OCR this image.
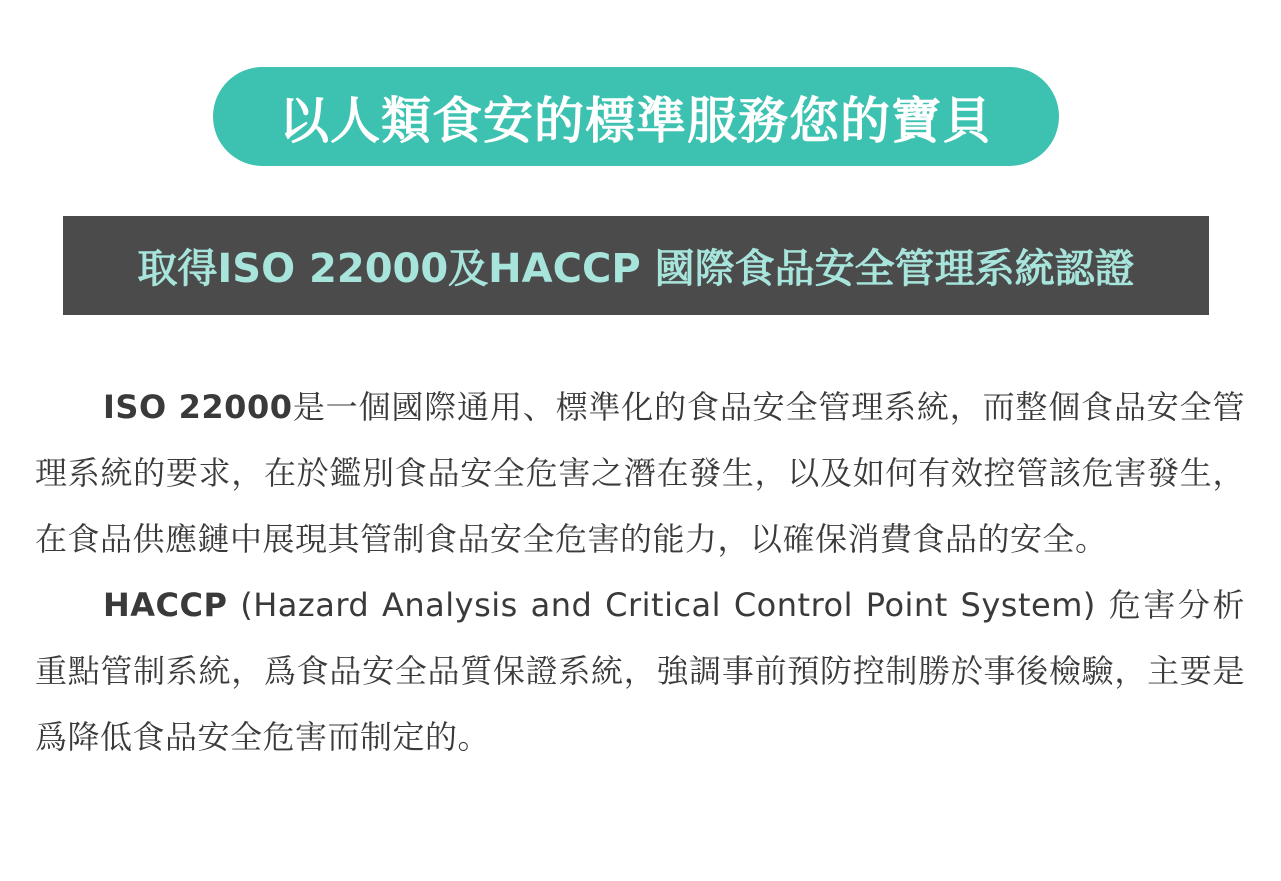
以人類食安的標準服務您的寶貝
取得ISO 22000及HACCP 國際食品安全管理系統認證

ISO 22000是一個國際通用、標準化的食品安全管理系統，而整個食品安全管理系統的要求，在於鑑別食品安全危害之潛在發生，以及如何有效控管該危害發生，在食品供應鏈中展現其管制食品安全危害的能力，以確保消費食品的安全。

HACCP (Hazard Analysis and Critical Control Point System) 危害分析重點管制系統，爲食品安全品質保證系統，強調事前預防控制勝於事後檢驗，主要是爲降低食品安全危害而制定的。
